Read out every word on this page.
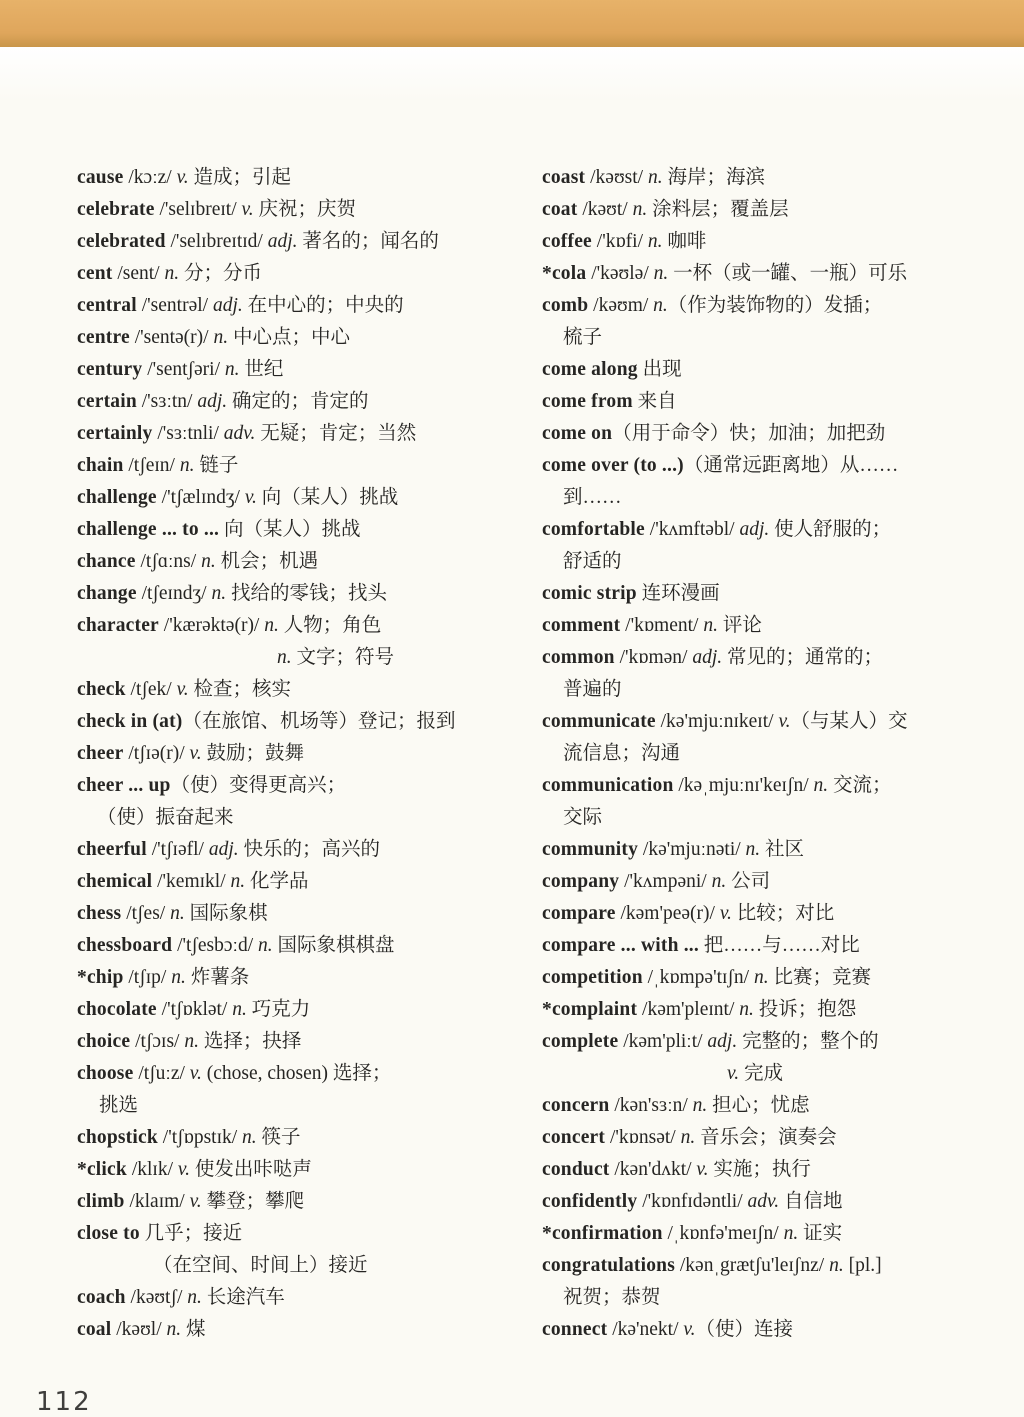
cause /kɔːz/ v. 造成；引起
celebrate /'selɪbreɪt/ v. 庆祝；庆贺
celebrated /'selɪbreɪtɪd/ adj. 著名的；闻名的
cent /sent/ n. 分；分币
central /'sentrəl/ adj. 在中心的；中央的
centre /'sentə(r)/ n. 中心点；中心
century /'sentʃəri/ n. 世纪
certain /'sɜːtn/ adj. 确定的；肯定的
certainly /'sɜːtnli/ adv. 无疑；肯定；当然
chain /tʃeɪn/ n. 链子
challenge /'tʃælɪndʒ/ v. 向（某人）挑战
challenge ... to ... 向（某人）挑战
chance /tʃɑːns/ n. 机会；机遇
change /tʃeɪndʒ/ n. 找给的零钱；找头
character /'kærəktə(r)/ n. 人物；角色
n. 文字；符号
check /tʃek/ v. 检查；核实
check in (at)（在旅馆、机场等）登记；报到
cheer /tʃɪə(r)/ v. 鼓励；鼓舞
cheer ... up（使）变得更高兴；
（使）振奋起来
cheerful /'tʃɪəfl/ adj. 快乐的；高兴的
chemical /'kemɪkl/ n. 化学品
chess /tʃes/ n. 国际象棋
chessboard /'tʃesbɔːd/ n. 国际象棋棋盘
*chip /tʃɪp/ n. 炸薯条
chocolate /'tʃɒklət/ n. 巧克力
choice /tʃɔɪs/ n. 选择；抉择
choose /tʃuːz/ v. (chose, chosen) 选择；
挑选
chopstick /'tʃɒpstɪk/ n. 筷子
*click /klɪk/ v. 使发出咔哒声
climb /klaɪm/ v. 攀登；攀爬
close to 几乎；接近
（在空间、时间上）接近
coach /kəʊtʃ/ n. 长途汽车
coal /kəʊl/ n. 煤
coast /kəʊst/ n. 海岸；海滨
coat /kəʊt/ n. 涂料层；覆盖层
coffee /'kɒfi/ n. 咖啡
*cola /'kəʊlə/ n. 一杯（或一罐、一瓶）可乐
comb /kəʊm/ n.（作为装饰物的）发插；
梳子
come along 出现
come from 来自
come on（用于命令）快；加油；加把劲
come over (to ...)（通常远距离地）从……
到……
comfortable /'kʌmftəbl/ adj. 使人舒服的；
舒适的
comic strip 连环漫画
comment /'kɒment/ n. 评论
common /'kɒmən/ adj. 常见的；通常的；
普遍的
communicate /kə'mjuːnɪkeɪt/ v.（与某人）交
流信息；沟通
communication /kəˌmjuːnɪ'keɪʃn/ n. 交流；
交际
community /kə'mjuːnəti/ n. 社区
company /'kʌmpəni/ n. 公司
compare /kəm'peə(r)/ v. 比较；对比
compare ... with ... 把……与……对比
competition /ˌkɒmpə'tɪʃn/ n. 比赛；竞赛
*complaint /kəm'pleɪnt/ n. 投诉；抱怨
complete /kəm'pliːt/ adj. 完整的；整个的
v. 完成
concern /kən'sɜːn/ n. 担心；忧虑
concert /'kɒnsət/ n. 音乐会；演奏会
conduct /kən'dʌkt/ v. 实施；执行
confidently /'kɒnfɪdəntli/ adv. 自信地
*confirmation /ˌkɒnfə'meɪʃn/ n. 证实
congratulations /kənˌgrætʃu'leɪʃnz/ n. [pl.]
祝贺；恭贺
connect /kə'nekt/ v.（使）连接
112
